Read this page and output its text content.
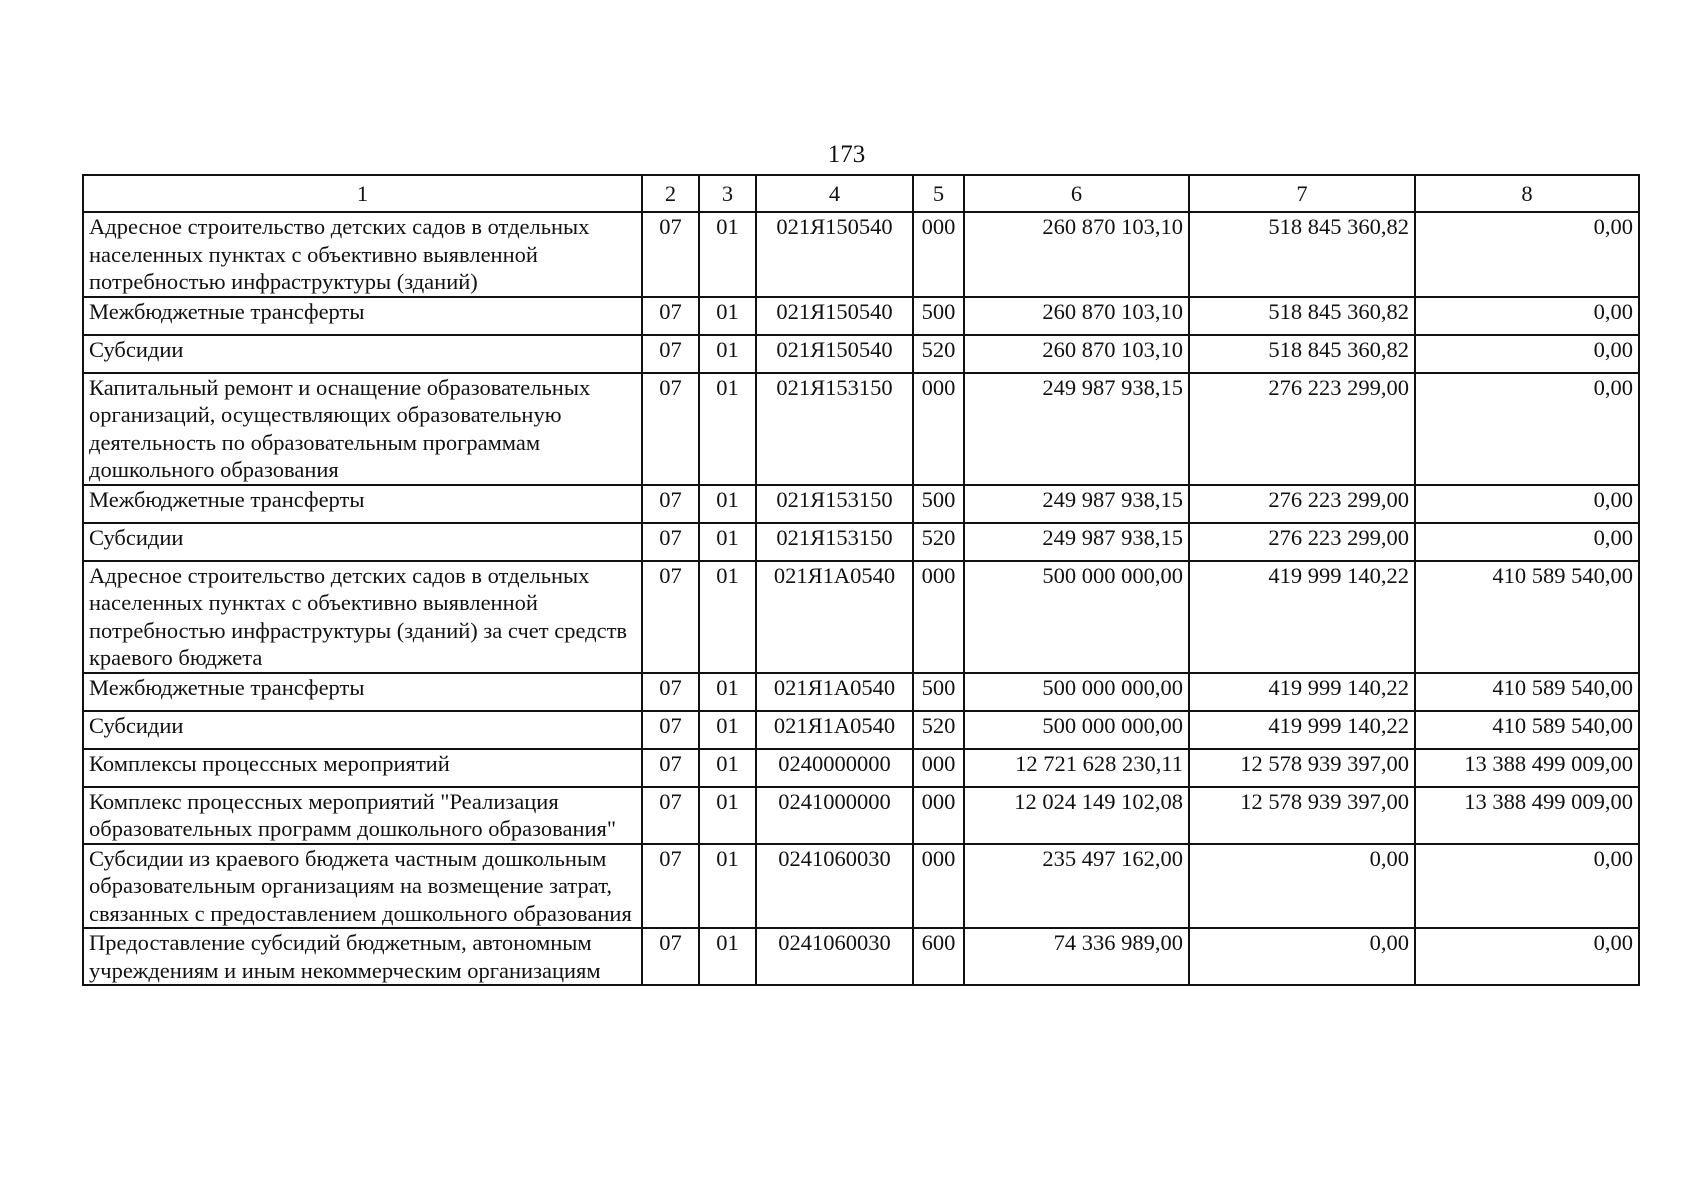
173
1	2	3	4	5	6	7	8
Адресное строительство детских садов в отдельных населенных пунктах с объективно выявленной потребностью инфраструктуры (зданий)	07	01	021Я150540	000	260 870 103,10	518 845 360,82	0,00
Межбюджетные трансферты	07	01	021Я150540	500	260 870 103,10	518 845 360,82	0,00
Субсидии	07	01	021Я150540	520	260 870 103,10	518 845 360,82	0,00
Капитальный ремонт и оснащение образовательных организаций, осуществляющих образовательную деятельность по образовательным программам дошкольного образования	07	01	021Я153150	000	249 987 938,15	276 223 299,00	0,00
Межбюджетные трансферты	07	01	021Я153150	500	249 987 938,15	276 223 299,00	0,00
Субсидии	07	01	021Я153150	520	249 987 938,15	276 223 299,00	0,00
Адресное строительство детских садов в отдельных населенных пунктах с объективно выявленной потребностью инфраструктуры (зданий) за счет средств краевого бюджета	07	01	021Я1А0540	000	500 000 000,00	419 999 140,22	410 589 540,00
Межбюджетные трансферты	07	01	021Я1А0540	500	500 000 000,00	419 999 140,22	410 589 540,00
Субсидии	07	01	021Я1А0540	520	500 000 000,00	419 999 140,22	410 589 540,00
Комплексы процессных мероприятий	07	01	0240000000	000	12 721 628 230,11	12 578 939 397,00	13 388 499 009,00
Комплекс процессных мероприятий "Реализация образовательных программ дошкольного образования"	07	01	0241000000	000	12 024 149 102,08	12 578 939 397,00	13 388 499 009,00
Субсидии из краевого бюджета частным дошкольным образовательным организациям на возмещение затрат, связанных с предоставлением дошкольного образования	07	01	0241060030	000	235 497 162,00	0,00	0,00
Предоставление субсидий бюджетным, автономным учреждениям и иным некоммерческим организациям	07	01	0241060030	600	74 336 989,00	0,00	0,00
